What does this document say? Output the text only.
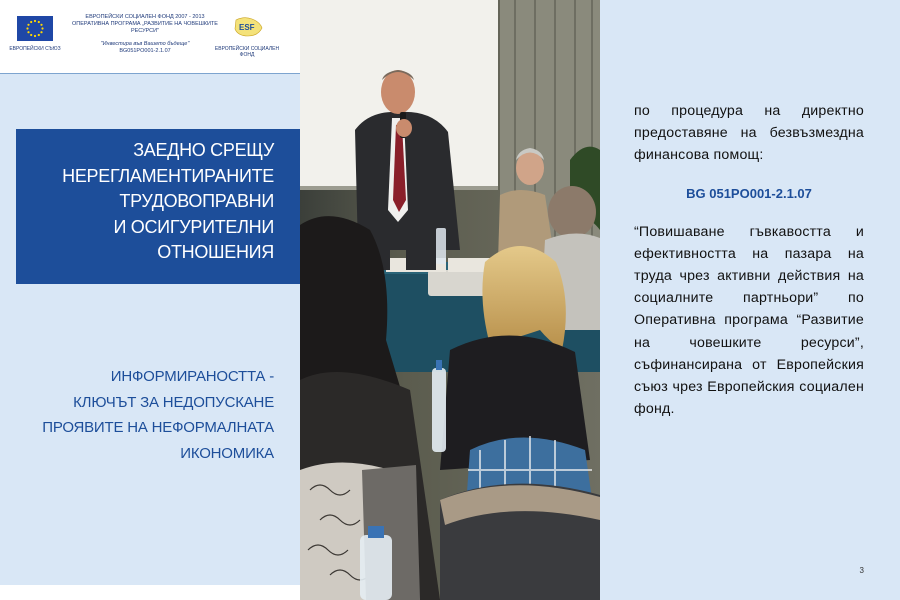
ЕВРОПЕЙСКИ СЪЮЗ
ЕВРОПЕЙСКИ СОЦИАЛЕН ФОНД 2007 - 2013
ОПЕРАТИВНА ПРОГРАМА „РАЗВИТИЕ НА ЧОВЕШКИТЕ РЕСУРСИ"
"Инвестира във Вашето бъдеще"
BG051PO001-2.1.07
ESF
ЕВРОПЕЙСКИ СОЦИАЛЕН ФОНД
ЗАЕДНО СРЕЩУ
НЕРЕГЛАМЕНТИРАНИТЕ
ТРУДОВОПРАВНИ
И ОСИГУРИТЕЛНИ
ОТНОШЕНИЯ
ИНФОРМИРАНОСТТА -
КЛЮЧЪТ ЗА НЕДОПУСКАНЕ
ПРОЯВИТЕ НА НЕФОРМАЛНАТА
ИКОНОМИКА

по процедура на директно предоставяне на безвъзмездна финансова помощ:

BG 051PO001-2.1.07

“Повишаване гъвкавостта и ефективността на пазара на труда чрез активни действия на социалните партньори” по Оперативна програма “Развитие на човешките ресурси”, съфинансирана от Европейския съюз чрез Европейския социален фонд.

3
